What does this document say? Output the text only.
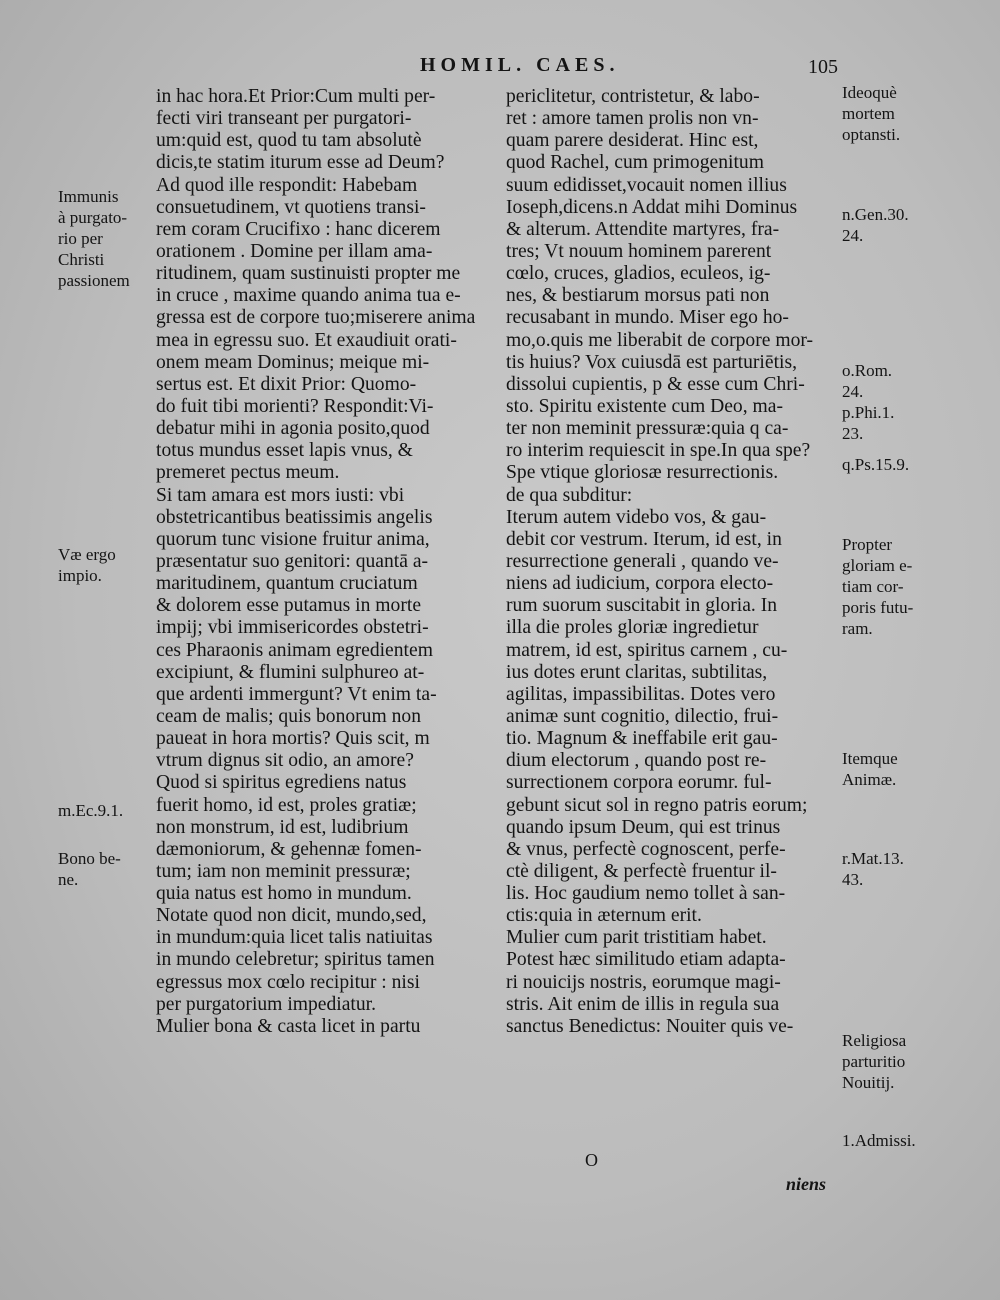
HOMIL. CAES.	105
in hac hora.Et Prior:Cum multi per-
fecti viri transeant per purgatori-
um:quid est, quod tu tam absolutè
dicis,te statim iturum esse ad Deum?
Ad quod ille respondit: Habebam
consuetudinem, vt quotiens transi-
rem coram Crucifixo : hanc dicerem
orationem . Domine per illam ama-
ritudinem, quam sustinuisti propter me
in cruce , maxime quando anima tua e-
gressa est de corpore tuo;miserere anima
mea in egressu suo. Et exaudiuit orati-
onem meam Dominus; meique mi-
sertus est. Et dixit Prior: Quomo-
do fuit tibi morienti? Respondit:Vi-
debatur mihi in agonia posito,quod
totus mundus esset lapis vnus, &
premeret pectus meum.
Si tam amara est mors iusti: vbi
obstetricantibus beatissimis angelis
quorum tunc visione fruitur anima,
præsentatur suo genitori: quantā a-
maritudinem, quantum cruciatum
& dolorem esse putamus in morte
impij; vbi immisericordes obstetri-
ces Pharaonis animam egredientem
excipiunt, & flumini sulphureo at-
que ardenti immergunt? Vt enim ta-
ceam de malis; quis bonorum non
paueat in hora mortis? Quis scit, m
vtrum dignus sit odio, an amore?
Quod si spiritus egrediens natus
fuerit homo, id est, proles gratiæ;
non monstrum, id est, ludibrium
dæmoniorum, & gehennæ fomen-
tum; iam non meminit pressuræ;
quia natus est homo in mundum.
Notate quod non dicit, mundo,sed,
in mundum:quia licet talis natiuitas
in mundo celebretur; spiritus tamen
egressus mox cœlo recipitur : nisi
per purgatorium impediatur.
Mulier bona & casta licet in partu
periclitetur, contristetur, & labo-
ret : amore tamen prolis non vn-
quam parere desiderat. Hinc est,
quod Rachel, cum primogenitum
suum edidisset,vocauit nomen illius
Ioseph,dicens.n Addat mihi Dominus
& alterum. Attendite martyres, fra-
tres; Vt nouum hominem parerent
cœlo, cruces, gladios, eculeos, ig-
nes, & bestiarum morsus pati non
recusabant in mundo. Miser ego ho-
mo,o.quis me liberabit de corpore mor-
tis huius? Vox cuiusdā est parturiētis,
dissolui cupientis, p & esse cum Chri-
sto. Spiritu existente cum Deo, ma-
ter non meminit pressuræ:quia q ca-
ro interim requiescit in spe.In qua spe?
Spe vtique gloriosæ resurrectionis.
de qua subditur:
Iterum autem videbo vos, & gau-
debit cor vestrum. Iterum, id est, in
resurrectione generali , quando ve-
niens ad iudicium, corpora electo-
rum suorum suscitabit in gloria. In
illa die proles gloriæ ingredietur
matrem, id est, spiritus carnem , cu-
ius dotes erunt claritas, subtilitas,
agilitas, impassibilitas. Dotes vero
animæ sunt cognitio, dilectio, frui-
tio. Magnum & ineffabile erit gau-
dium electorum , quando post re-
surrectionem corpora eorumr. ful-
gebunt sicut sol in regno patris eorum;
quando ipsum Deum, qui est trinus
& vnus, perfectè cognoscent, perfe-
ctè diligent, & perfectè fruentur il-
lis. Hoc gaudium nemo tollet à san-
ctis:quia in æternum erit.
Mulier cum parit tristitiam habet.
Potest hæc similitudo etiam adapta-
ri nouicijs nostris, eorumque magi-
stris. Ait enim de illis in regula sua
sanctus Benedictus: Nouiter quis ve-
Immunis
à purgato-
rio per
Christi
passionem
Væ ergo
impio.
m.Ec.9.1.
Bono be-
ne.
Ideoquè
mortem
optansti.
n.Gen.30.
24.
o.Rom.
24.
p.Phi.1.
23.
q.Ps.15.9.
Propter
gloriam e-
tiam cor-
poris futu-
ram.
Itemque
Animæ.
r.Mat.13.
43.
Religiosa
parturitio
Nouitij.
1.Admissi.
O
niens
